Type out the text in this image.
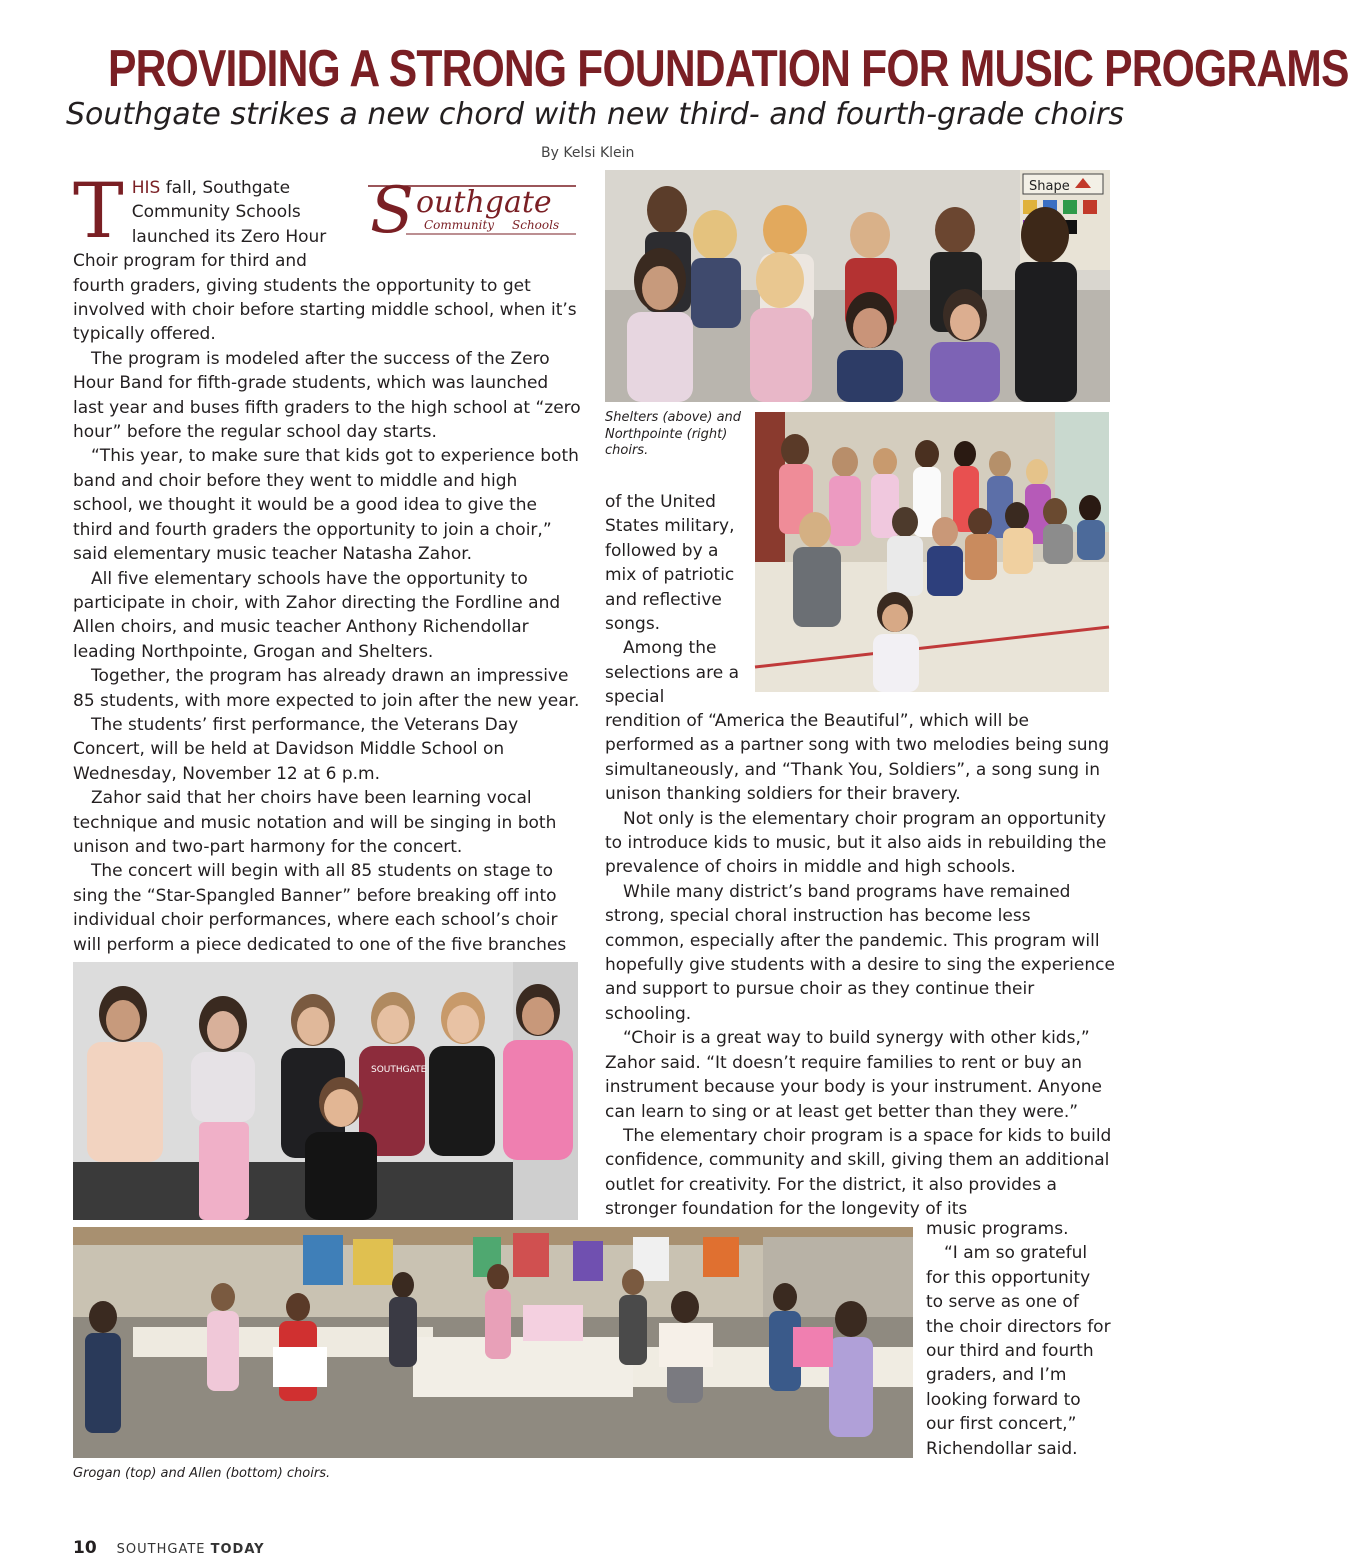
PROVIDING A STRONG FOUNDATION FOR MUSIC PROGRAMS
Southgate strikes a new chord with new third- and fourth-grade choirs
By Kelsi Klein
S outhgate
Community Schools
T HIS fall, Southgate
Community Schools
launched its Zero Hour
Choir program for third and

fourth graders, giving students the opportunity to get involved with choir before starting middle school, when it’s typically offered.

The program is modeled after the success of the Zero Hour Band for fifth-grade students, which was launched last year and buses fifth graders to the high school at “zero hour” before the regular school day starts.

“This year, to make sure that kids got to experience both band and choir before they went to middle and high school, we thought it would be a good idea to give the third and fourth graders the opportunity to join a choir,” said elementary music teacher Natasha Zahor.

All five elementary schools have the opportunity to participate in choir, with Zahor directing the Fordline and Allen choirs, and music teacher Anthony Richendollar leading Northpointe, Grogan and Shelters.

Together, the program has already drawn an impressive 85 students, with more expected to join after the new year.

The students’ first performance, the Veterans Day Concert, will be held at Davidson Middle School on Wednesday, November 12 at 6 p.m.

Zahor said that her choirs have been learning vocal technique and music notation and will be singing in both unison and two-part harmony for the concert.

The concert will begin with all 85 students on stage to sing the “Star-Spangled Banner” before breaking off into individual choir performances, where each school’s choir will perform a piece dedicated to one of the five branches

Shape
Shelters (above) and
Northpointe (right)
choirs.
of the United
States military,
followed by a
mix of patriotic
and reflective
songs.
Among the
selections are a
special

rendition of “America the Beautiful”, which will be performed as a partner song with two melodies being sung simultaneously, and “Thank You, Soldiers”, a song sung in unison thanking soldiers for their bravery.

Not only is the elementary choir program an opportunity to introduce kids to music, but it also aids in rebuilding the prevalence of choirs in middle and high schools.

While many district’s band programs have remained strong, special choral instruction has become less common, especially after the pandemic. This program will hopefully give students with a desire to sing the experience and support to pursue choir as they continue their schooling.

“Choir is a great way to build synergy with other kids,” Zahor said. “It doesn’t require families to rent or buy an instrument because your body is your instrument. Anyone can learn to sing or at least get better than they were.”

The elementary choir program is a space for kids to build confidence, community and skill, giving them an additional outlet for creativity. For the district, it also provides a stronger foundation for the longevity of its

music programs.
“I am so grateful
for this opportunity
to serve as one of
the choir directors for
our third and fourth
graders, and I’m
looking forward to
our first concert,”
Richendollar said.
SOUTHGATE
Grogan (top) and Allen (bottom) choirs.
10 SOUTHGATE TODAY
